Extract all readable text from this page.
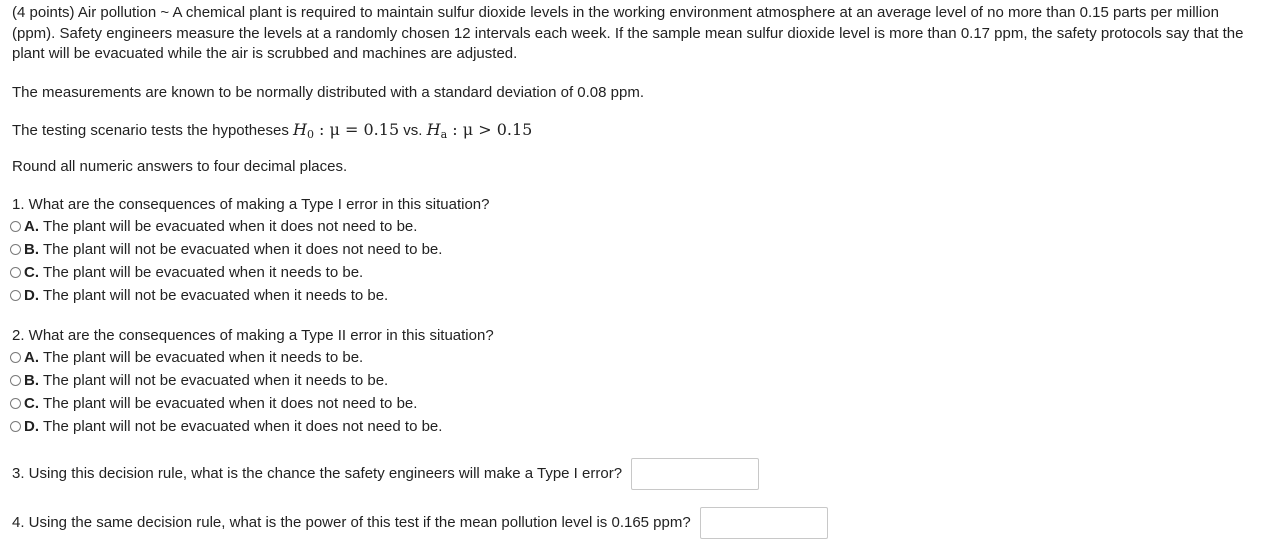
(4 points) Air pollution ~ A chemical plant is required to maintain sulfur dioxide levels in the working environment atmosphere at an average level of no more than 0.15 parts per million (ppm). Safety engineers measure the levels at a randomly chosen 12 intervals each week. If the sample mean sulfur dioxide level is more than 0.17 ppm, the safety protocols say that the plant will be evacuated while the air is scrubbed and machines are adjusted.

The measurements are known to be normally distributed with a standard deviation of 0.08 ppm.

The testing scenario tests the hypotheses $H_0$ : μ = 0.15 vs. $H_a$ : μ > 0.15

Round all numeric answers to four decimal places.

1. What are the consequences of making a Type I error in this situation?

A. The plant will be evacuated when it does not need to be.
B. The plant will not be evacuated when it does not need to be.
C. The plant will be evacuated when it needs to be.
D. The plant will not be evacuated when it needs to be.

2. What are the consequences of making a Type II error in this situation?

A. The plant will be evacuated when it needs to be.
B. The plant will not be evacuated when it needs to be.
C. The plant will be evacuated when it does not need to be.
D. The plant will not be evacuated when it does not need to be.
3. Using this decision rule, what is the chance the safety engineers will make a Type I error?
4. Using the same decision rule, what is the power of this test if the mean pollution level is 0.165 ppm?
